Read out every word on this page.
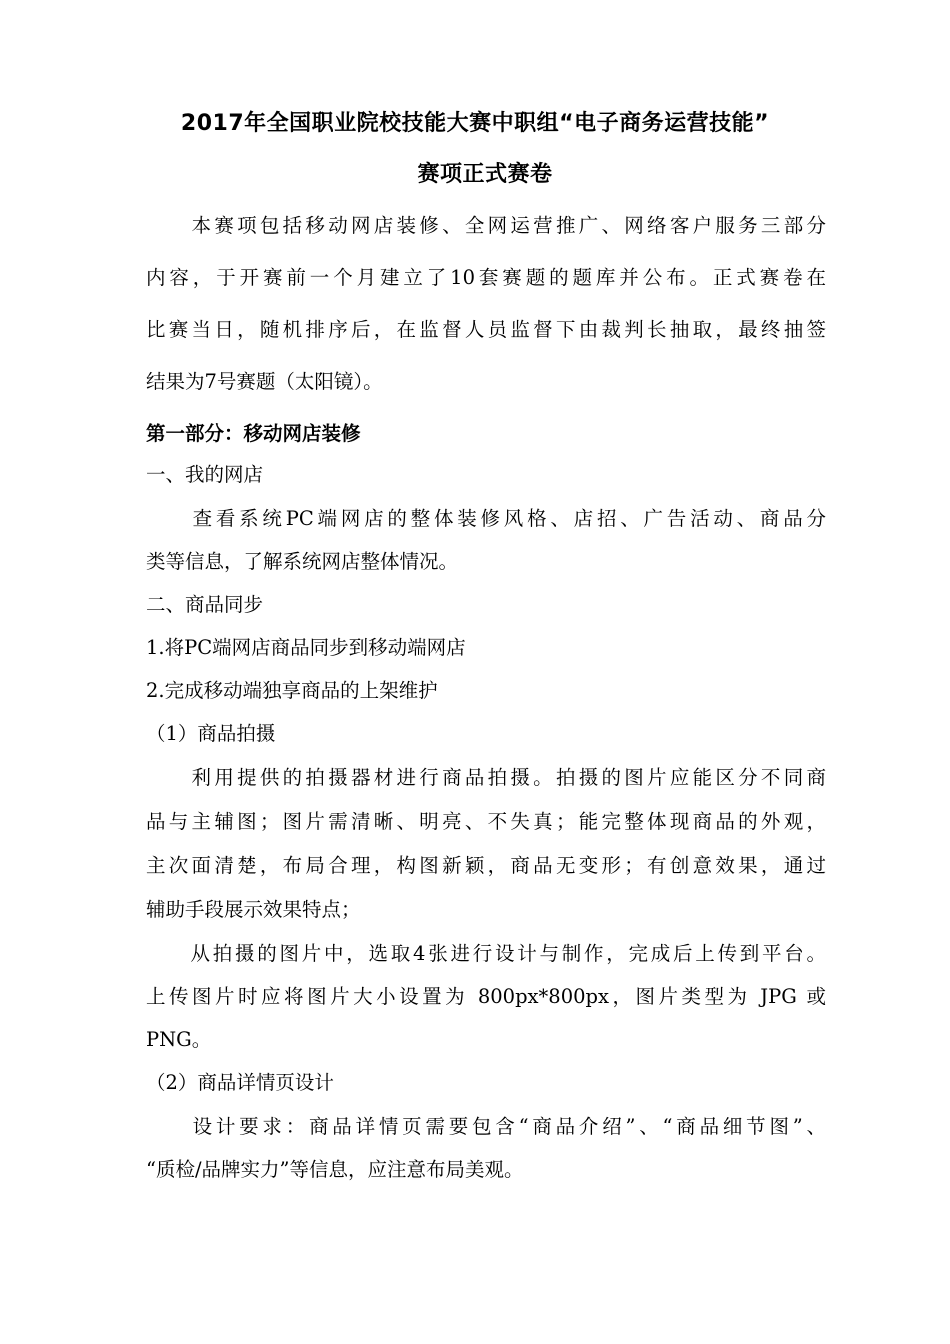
2017年全国职业院校技能大赛中职组“电子商务运营技能”
赛项正式赛卷

　　本赛项包括移动网店装修、全网运营推广、网络客户服务三部分

内容，于开赛前一个月建立了10套赛题的题库并公布。正式赛卷在

比赛当日，随机排序后，在监督人员监督下由裁判长抽取，最终抽签

结果为7号赛题（太阳镜）。

第一部分：移动网店装修

一、我的网店

　　查看系统PC端网店的整体装修风格、店招、广告活动、商品分

类等信息，了解系统网店整体情况。

二、商品同步

1.将PC端网店商品同步到移动端网店

2.完成移动端独享商品的上架维护

（1）商品拍摄

　　利用提供的拍摄器材进行商品拍摄。拍摄的图片应能区分不同商

品与主辅图；图片需清晰、明亮、不失真；能完整体现商品的外观，

主次面清楚，布局合理，构图新颖，商品无变形；有创意效果，通过

辅助手段展示效果特点；

　　从拍摄的图片中，选取4张进行设计与制作，完成后上传到平台。

上传图片时应将图片大小设置为 800px*800px，图片类型为 JPG 或

PNG。

（2）商品详情页设计

　　设计要求：商品详情页需要包含“商品介绍”、“商品细节图”、

“质检/品牌实力”等信息，应注意布局美观。
